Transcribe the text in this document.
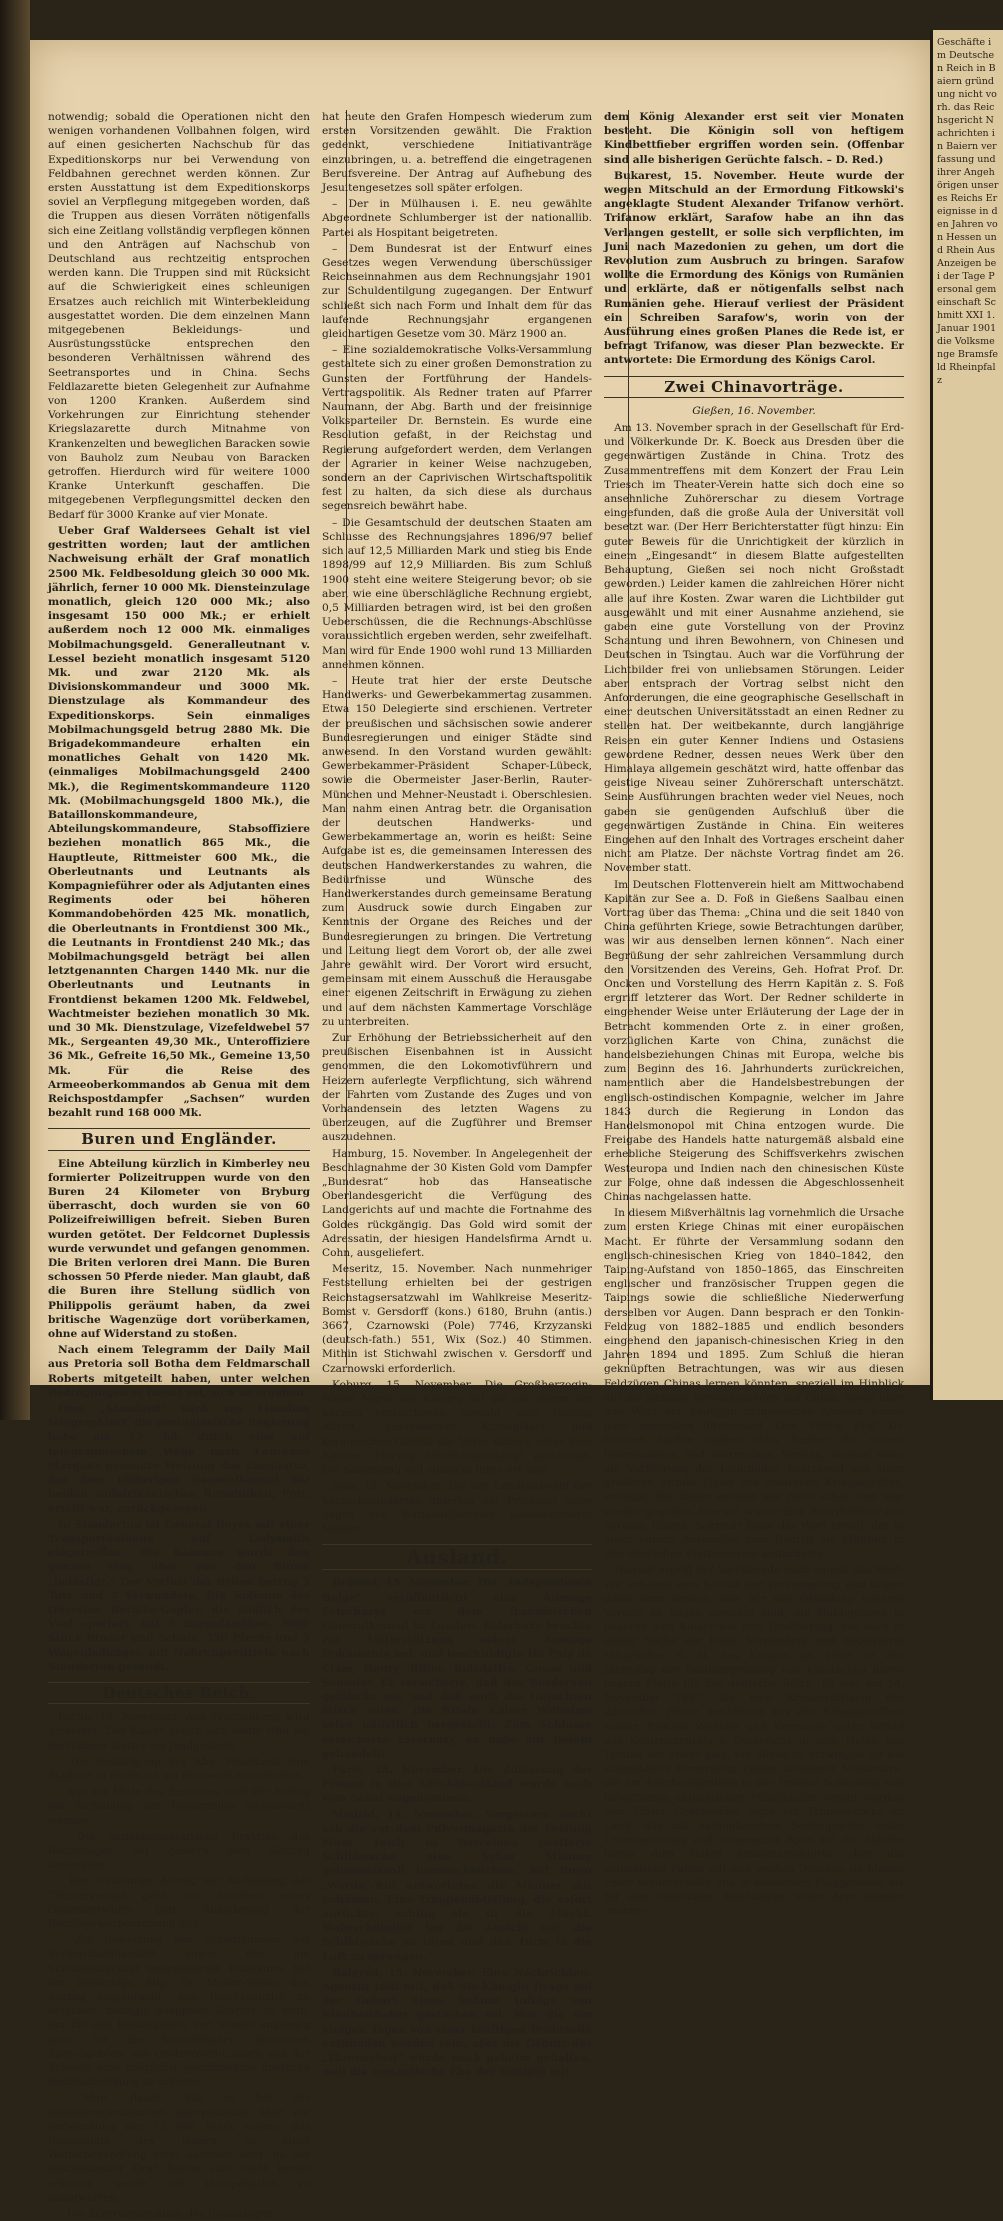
notwendig; sobald die Operationen nicht den wenigen vorhandenen Vollbahnen folgen, wird auf einen gesicherten Nachschub für das Expeditionskorps nur bei Verwendung von Feldbahnen gerechnet werden können. Zur ersten Ausstattung ist dem Expeditionskorps soviel an Verpflegung mitgegeben worden, daß die Truppen aus diesen Vorräten nötigenfalls sich eine Zeitlang vollständig verpflegen können und den Anträgen auf Nachschub von Deutschland aus rechtzeitig entsprochen werden kann. Die Truppen sind mit Rücksicht auf die Schwierigkeit eines schleunigen Ersatzes auch reichlich mit Winterbekleidung ausgestattet worden. Die dem einzelnen Mann mitgegebenen Bekleidungs- und Ausrüstungsstücke entsprechen den besonderen Verhältnissen während des Seetransportes und in China. Sechs Feldlazarette bieten Gelegenheit zur Aufnahme von 1200 Kranken. Außerdem sind Vorkehrungen zur Einrichtung stehender Kriegslazarette durch Mitnahme von Krankenzelten und beweglichen Baracken sowie von Bauholz zum Neubau von Baracken getroffen. Hierdurch wird für weitere 1000 Kranke Unterkunft geschaffen. Die mitgegebenen Verpflegungsmittel decken den Bedarf für 3000 Kranke auf vier Monate.

Ueber Graf Waldersees Gehalt ist viel gestritten worden; laut der amtlichen Nachweisung erhält der Graf monatlich 2500 Mk. Feldbesoldung gleich 30 000 Mk. jährlich, ferner 10 000 Mk. Diensteinzulage monatlich, gleich 120 000 Mk.; also insgesamt 150 000 Mk.; er erhielt außerdem noch 12 000 Mk. einmaliges Mobilmachungsgeld. Generalleutnant v. Lessel bezieht monatlich insgesamt 5120 Mk. und zwar 2120 Mk. als Divisionskommandeur und 3000 Mk. Dienstzulage als Kommandeur des Expeditionskorps. Sein einmaliges Mobilmachungsgeld betrug 2880 Mk. Die Brigadekommandeure erhalten ein monatliches Gehalt von 1420 Mk. (einmaliges Mobilmachungsgeld 2400 Mk.), die Regimentskommandeure 1120 Mk. (Mobilmachungsgeld 1800 Mk.), die Bataillonskommandeure, Abteilungskommandeure, Stabsoffiziere beziehen monatlich 865 Mk., die Hauptleute, Rittmeister 600 Mk., die Oberleutnants und Leutnants als Kompagnieführer oder als Adjutanten eines Regiments oder bei höheren Kommandobehörden 425 Mk. monatlich, die Oberleutnants in Frontdienst 300 Mk., die Leutnants in Frontdienst 240 Mk.; das Mobilmachungsgeld beträgt bei allen letztgenannten Chargen 1440 Mk. nur die Oberleutnants und Leutnants in Frontdienst bekamen 1200 Mk. Feldwebel, Wachtmeister beziehen monatlich 30 Mk. und 30 Mk. Dienstzulage, Vizefeldwebel 57 Mk., Sergeanten 49,30 Mk., Unteroffiziere 36 Mk., Gefreite 16,50 Mk., Gemeine 13,50 Mk. Für die Reise des Armeeoberkommandos ab Genua mit dem Reichspostdampfer „Sachsen“ wurden bezahlt rund 168 000 Mk.

Buren und Engländer.

Eine Abteilung kürzlich in Kimberley neu formierter Polizeitruppen wurde von den Buren 24 Kilometer von Bryburg überrascht, doch wurden sie von 60 Polizeifreiwilligen befreit. Sieben Buren wurden getötet. Der Feldcornet Duplessis wurde verwundet und gefangen genommen. Die Briten verloren drei Mann. Die Buren schossen 50 Pferde nieder. Man glaubt, daß die Buren ihre Stellung südlich von Philippolis geräumt haben, da zwei britische Wagenzüge dort vorüberkamen, ohne auf Widerstand zu stoßen.

Nach einem Telegramm der Daily Mail aus Pretoria soll Botha dem Feldmarschall Roberts mitgeteilt haben, unter welchen Bedingungen er bereit sei, sich zu ergeben.

Dem „Standard“ wird aus Lissabon telegraphiert, die portugiesische Regierung habe am 13. bd. durch eine auf telegraphischem Wege nach Lourenco Marquez gesandte Weisung das Exequatur, das dem bisherigen Generalkonsul der beiden südafrikanischen Republiken, Pott, erteilt war, zurückgezogen.

In Standerton ist General Boyes mit einer Transportkolonne auf Ladysmith eingetroffen. Die Kolonne wurde den ganzen Weg über von den Buren „belästigt.“ Der Verlust der Briten betrug 3 Tote und 7 Verwundete. Die Kolonne des Obersten Bericke-Copley, die südlich des Vaal operiert, hat 5 Burenfamilien, 3000 Stück Rinder und Schafe, 350 Pferde und 5 Wagenladungen mit Nahrungsmitteln nach Standerton gesandt.

Deutsches Reich.

Berlin, 15. November. Aus Trachenberg wird gemeldet: Der Kaiser begab sich heute früh bei herrlichem Wetter ins Jagdgelände.

– Die Bestätigung des Abg. Fischbeck zum Stadtrat in Berlin ist am Mittwoch eingetroffen.

– Aus der Mitte des Zentrums wird der Antrag auf Aufhebung des Papierzolles eingebracht werden.

– Die sozialdemokratische Fraktion des Reichstages hat gestern eine Sitzung abgehalten.

– Der freisinnige Antrag auf Aufhebung der Theaterzensur geht auf Annahme eines Gesetzentwurfs betr. Abänderung der Reichsgewerbeordnung aus.

– Zur Bewertung von Schädigungen des Verlagsbuchhandels sowie des am Schulbücherkauf interessierten Publikums hat der freisinnige Abg. Dr. Müller-Sagan den Antrag eingebracht, den Reichskanzler zu ersuchen, baldigst geeignete Schritte zu thun, um für das Reichsgebiet und soweit angängig auch für die benachbarten deutschen Sprachgebiete von Oesterreich-Ungarn und der Schweiz eine möglichst gleichmäßige deutsche Rechtschreibung zu erzielen.

– Man glaubt, daß es bei der sozialdemokratischen Interpellation über die Verwendung der 12 000 Mark seitens des Reichsamts des Innern zu einer Weiterbehandlung nicht kommen wird, da der Reichskanzler Graf Bülow sich nicht bereit erklären werde, die Interpellation zu beantworten.

– Die Zentrumsfraktion des Reichstages

hat heute den Grafen Hompesch wiederum zum ersten Vorsitzenden gewählt. Die Fraktion gedenkt, verschiedene Initiativanträge einzubringen, u. a. betreffend die eingetragenen Berufsvereine. Der Antrag auf Aufhebung des Jesuitengesetzes soll später erfolgen.

– Der in Mülhausen i. E. neu gewählte Abgeordnete Schlumberger ist der nationallib. Partei als Hospitant beigetreten.

– Dem Bundesrat ist der Entwurf eines Gesetzes wegen Verwendung überschüssiger Reichseinnahmen aus dem Rechnungsjahr 1901 zur Schuldentilgung zugegangen. Der Entwurf schließt sich nach Form und Inhalt dem für das laufende Rechnungsjahr ergangenen gleichartigen Gesetze vom 30. März 1900 an.

– Eine sozialdemokratische Volks-Versammlung gestaltete sich zu einer großen Demonstration zu Gunsten der Fortführung der Handels-Vertragspolitik. Als Redner traten auf Pfarrer Naumann, der Abg. Barth und der freisinnige Volksparteiler Dr. Bernstein. Es wurde eine Resolution gefaßt, in der Reichstag und Regierung aufgefordert werden, dem Verlangen der Agrarier in keiner Weise nachzugeben, sondern an der Caprivischen Wirtschaftspolitik fest zu halten, da sich diese als durchaus segensreich bewährt habe.

– Die Gesamtschuld der deutschen Staaten am Schlusse des Rechnungsjahres 1896/97 belief sich auf 12,5 Milliarden Mark und stieg bis Ende 1898/99 auf 12,9 Milliarden. Bis zum Schluß 1900 steht eine weitere Steigerung bevor; ob sie aber, wie eine überschlägliche Rechnung ergiebt, 0,5 Milliarden betragen wird, ist bei den großen Ueberschüssen, die die Rechnungs-Abschlüsse voraussichtlich ergeben werden, sehr zweifelhaft. Man wird für Ende 1900 wohl rund 13 Milliarden annehmen können.

– Heute trat hier der erste Deutsche Handwerks- und Gewerbekammertag zusammen. Etwa 150 Delegierte sind erschienen. Vertreter der preußischen und sächsischen sowie anderer Bundesregierungen und einiger Städte sind anwesend. In den Vorstand wurden gewählt: Gewerbekammer-Präsident Schaper-Lübeck, sowie die Obermeister Jaser-Berlin, Rauter-München und Mehner-Neustadt i. Oberschlesien. Man nahm einen Antrag betr. die Organisation der deutschen Handwerks- und Gewerbekammertage an, worin es heißt: Seine Aufgabe ist es, die gemeinsamen Interessen des deutschen Handwerkerstandes zu wahren, die Bedürfnisse und Wünsche des Handwerkerstandes durch gemeinsame Beratung zum Ausdruck sowie durch Eingaben zur Kenntnis der Organe des Reiches und der Bundesregierungen zu bringen. Die Vertretung und Leitung liegt dem Vorort ob, der alle zwei Jahre gewählt wird. Der Vorort wird ersucht, gemeinsam mit einem Ausschuß die Herausgabe einer eigenen Zeitschrift in Erwägung zu ziehen und auf dem nächsten Kammertage Vorschläge zu unterbreiten.

Zur Erhöhung der Betriebssicherheit auf den preußischen Eisenbahnen ist in Aussicht genommen, die den Lokomotivführern und Heizern auferlegte Verpflichtung, sich während der Fahrten vom Zustande des Zuges und von Vorhandensein des letzten Wagens zu überzeugen, auf die Zugführer und Bremser auszudehnen.

Hamburg, 15. November. In Angelegenheit der Beschlagnahme der 30 Kisten Gold vom Dampfer „Bundesrat“ hob das Hanseatische Oberlandesgericht die Verfügung des Landgerichts auf und machte die Fortnahme des Goldes rückgängig. Das Gold wird somit der Adressatin, der hiesigen Handelsfirma Arndt u. Cohn, ausgeliefert.

Meseritz, 15. November. Nach nunmehriger Feststellung erhielten bei der gestrigen Reichstagsersatzwahl im Wahlkreise Meseritz-Bomst v. Gersdorff (kons.) 6180, Bruhn (antis.) 3667, Czarnowski (Pole) 7746, Krzyzanski (deutsch-fath.) 551, Wix (Soz.) 40 Stimmen. Mithin ist Stichwahl zwischen v. Gersdorff und Czarnowski erforderlich.

Koburg, 15. November. Die Großherzogin-Witwe Marie von Koburg hat die von ihrem vor kurzem verstorbenen Gemahl, dem Herzog Alfred, gesammelten Kunstgläser und keramischen Gefäße der Veste Koburg unter dem Namen „Herzog Alfred-Sammlung“ geschenkt. Die Sammlung soll einzig in ihrer Art sein.

Jena, 15. November. Bei der Landtagswahl der höchstbesteuerten unterlag der Professor Abbe gegen den Nationalliberalen Kommerzienrat Müller.

Ausland.

Brüssel, 15. November. Die „Independence Belge“ veröffentlicht eine Aussage Esterhazys vor dem französischen Generalkonsul in London. Esterhazy brachte zur Unterstützung seiner Aussage Dokumente bei, und beschuldigte Du Paty de Clam, Henry, Billot, Boisdeffre, Gonse und Saussier. Er versicherte, daß das Bordereau gefälscht sei, und daß auch die Gutachten falsch seien. Die Briefe Kaiser Wilhelms seien künstlich hergestellt. Zum Schlusse versicherte Esterhazy, er habe auf Befehl gehandelt.

Paris, 15. November. Die Zulassung der Frauen in den Advokatenstand wurde auch vom Senat angenommen.

Madrid, 14. November. Vorgestern nacht sah die vor dem Pulvermagazin der Festung Mont Juich in Barcelona postierte Schildwache eine Schar Männer geheimnisvoll heranschleichen. Auf ihren „Werda“-Ruf antworteten die Männer mit Schüssen. Eine Truppenabteilung, die sofort anrückte, schlug sie in die Flucht. Wahrscheinlich lag die Absicht vor, die Schildwache zu töten und den Turm in die Luft zu sprengen.

Belgrad, 15. November. Eine Nachrichten-Agentur teilt mit, daß die Königin Draga bei der Geburt eines Sohnes infolge von Kindbettfieber gestorben sei. Was die vor einigen Tagen von einer kräftigen Drahtseile entbunden worden sein, aber die Geburt des „Thronerben“ wurde noch geheim gehalten, weil die romantische Ehe der Königin mit

dem König Alexander erst seit vier Monaten besteht. Die Königin soll von heftigem Kindbettfieber ergriffen worden sein. (Offenbar sind alle bisherigen Gerüchte falsch. – D. Red.)

Bukarest, 15. November. Heute wurde der wegen Mitschuld an der Ermordung Fitkowski's angeklagte Student Alexander Trifanow verhört. Trifanow erklärt, Sarafow habe an ihn das Verlangen gestellt, er solle sich verpflichten, im Juni nach Mazedonien zu gehen, um dort die Revolution zum Ausbruch zu bringen. Sarafow wollte die Ermordung des Königs von Rumänien und erklärte, daß er nötigenfalls selbst nach Rumänien gehe. Hierauf verliest der Präsident ein Schreiben Sarafow's, worin von der Ausführung eines großen Planes die Rede ist, er befragt Trifanow, was dieser Plan bezweckte. Er antwortete: Die Ermordung des Königs Carol.

Zwei Chinavorträge.
Gießen, 16. November.

Am 13. November sprach in der Gesellschaft für Erd- und Völkerkunde Dr. K. Boeck aus Dresden über die gegenwärtigen Zustände in China. Trotz des Zusammentreffens mit dem Konzert der Frau Lein Triesch im Theater-Verein hatte sich doch eine so ansehnliche Zuhörerschar zu diesem Vortrage eingefunden, daß die große Aula der Universität voll besetzt war. (Der Herr Berichterstatter fügt hinzu: Ein guter Beweis für die Unrichtigkeit der kürzlich in einem „Eingesandt“ in diesem Blatte aufgestellten Behauptung, Gießen sei noch nicht Großstadt geworden.) Leider kamen die zahlreichen Hörer nicht alle auf ihre Kosten. Zwar waren die Lichtbilder gut ausgewählt und mit einer Ausnahme anziehend, sie gaben eine gute Vorstellung von der Provinz Schantung und ihren Bewohnern, von Chinesen und Deutschen in Tsingtau. Auch war die Vorführung der Lichtbilder frei von unliebsamen Störungen. Leider aber entsprach der Vortrag selbst nicht den Anforderungen, die eine geographische Gesellschaft in einer deutschen Universitätsstadt an einen Redner zu stellen hat. Der weitbekannte, durch langjährige Reisen ein guter Kenner Indiens und Ostasiens gewordene Redner, dessen neues Werk über den Himalaya allgemein geschätzt wird, hatte offenbar das geistige Niveau seiner Zuhörerschaft unterschätzt. Seine Ausführungen brachten weder viel Neues, noch gaben sie genügenden Aufschluß über die gegenwärtigen Zustände in China. Ein weiteres Eingehen auf den Inhalt des Vortrages erscheint daher nicht am Platze. Der nächste Vortrag findet am 26. November statt.

Im Deutschen Flottenverein hielt am Mittwochabend Kapitän zur See a. D. Foß in Gießens Saalbau einen Vortrag über das Thema: „China und die seit 1840 von China geführten Kriege, sowie Betrachtungen darüber, was wir aus denselben lernen können“. Nach einer Begrüßung der sehr zahlreichen Versammlung durch den Vorsitzenden des Vereins, Geh. Hofrat Prof. Dr. Oncken und Vorstellung des Herrn Kapitän z. S. Foß ergriff letzterer das Wort. Der Redner schilderte in eingehender Weise unter Erläuterung der Lage der in Betracht kommenden Orte z. in einer großen, vorzüglichen Karte von China, zunächst die handelsbeziehungen Chinas mit Europa, welche bis zum Beginn des 16. Jahrhunderts zurückreichen, namentlich aber die Handelsbestrebungen der englisch-ostindischen Kompagnie, welcher im Jahre 1843 durch die Regierung in London das Handelsmonopol mit China entzogen wurde. Die Freigabe des Handels hatte naturgemäß alsbald eine erhebliche Steigerung des Schiffsverkehrs zwischen Westeuropa und Indien nach den chinesischen Küste zur Folge, ohne daß indessen die Abgeschlossenheit Chinas nachgelassen hatte.

In diesem Mißverhältnis lag vornehmlich die Ursache zum ersten Kriege Chinas mit einer europäischen Macht. Er führte der Versammlung sodann den englisch-chinesischen Krieg von 1840–1842, den Taiping-Aufstand von 1850–1865, das Einschreiten englischer und französischer Truppen gegen die Taipings sowie die schließliche Niederwerfung derselben vor Augen. Dann besprach er den Tonkin-Feldzug von 1882–1885 und endlich besonders eingehend den japanisch-chinesischen Krieg in den Jahren 1894 und 1895. Zum Schluß die hieran geknüpften Betrachtungen, was wir aus diesen Feldzügen Chinas lernen könnten, speziell im Hinblick auf die jetzigen Verwickelungen auf China, sowie über den Wert der heutigen chinesischen Armeen waren ganz besonders interessant. Geh. Hofrat Prof. Dr. Oncken dankte sodann dem Redner für seinen interessanten und lehrreichen Vortrag, worauf dann die Vorführung der Lichtbilder, bestehend aus einer größeren Anzahl Typen des modernen Kriegsschiffes, erfolgte. Die Bilder wurden alle recht schön und klar wieder gegeben. Hierauf wurde dem Schriftführer des Vereins, Eisenb.-Sekretär Blum das Wort erteilt, der in einer kurzen Ansprache zum Beitritt als Mitglied in den deutschen Flottenverein aufforderte.

Hierauf ergriff der Vorsitzende noch einmal das Wort: Wir erheben zum Schluß der Versammlung und folgen dabei dem Brauch, den wir seit Gründung unseres Vereins zu folgen gewohnt sind, mit Huldigungen in unseren dem Kaiser wie dem Großherzog, der auch in dieser Sache der treue Verbündete und begeisterte Mitarbeiter S. M. des Kaisers ist. Heut ist der Jahrestag der Besitzergreifung von Kiautschou durch unsere Flotte für das deutsche Reich. Es war am 14. November 1897, als eine Kreuzerdivision der deutschen Flotte, bestehend aus den Kriegsschiffen: Kaiser, Prinzeß Wilhelm und Kormoran unter Befehl des Kontreadmirals v. Diederichs in dem Hafen von Tsintau vor Anker ging, um Sühne zu erzwingen für die schmähliche Ermordung zweier deutscher Missionare, die am Allerheiligentage in der Provinz Schantung von bewaffneten chinesischen Pöbelhaufen verübt worden war. Unser Geschwader legte ein Truppenkorps an Land, das mit aufgepflanztem Seitengewehr unter Trommelschlag und klingendem Spiel auf die Anhöhe hinter dem Hafen hinanmarschierte, dort die chinesische Fahne mit den weißen Drachen im blauen Felde herunterholte und in demselben Flaggenmast bis für den deutschen Reichsadler unter dem Donner unserer

Geschäfte im Deutschen Reich in Baiern gründung nicht vorh. das Reichsgericht Nachrichten in Baiern verfassung und ihrer Angehörigen unseres Reichs Ereignisse in den Jahren von Hessen und Rhein Aus Anzeigen bei der Tage Personal gemeinschaft Schmitt XXI 1. Januar 1901 die Volksmenge Bramsfeld Rheinpfalz
